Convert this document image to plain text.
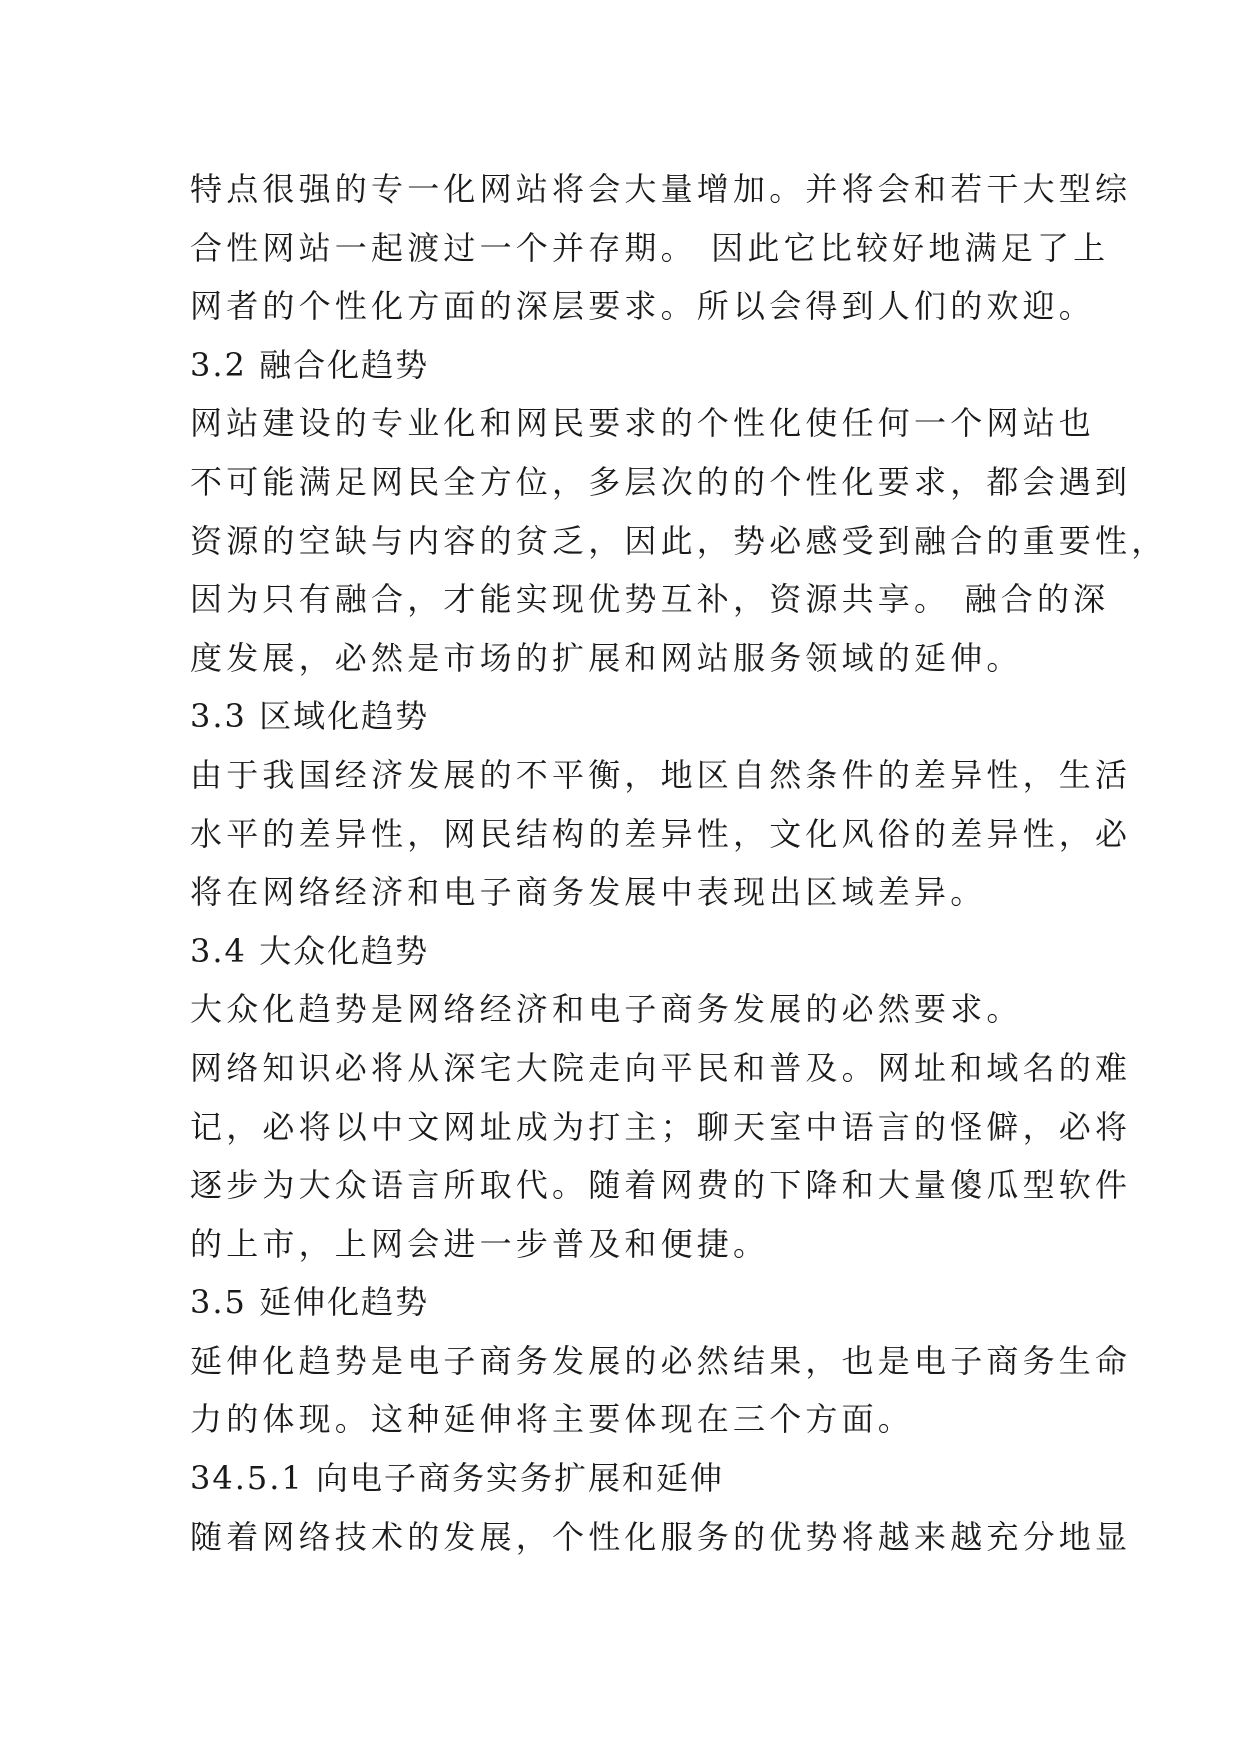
特点很强的专一化网站将会大量增加。并将会和若干大型综
合性网站一起渡过一个并存期。 因此它比较好地满足了上
网者的个性化方面的深层要求。所以会得到人们的欢迎。
3.2 融合化趋势
网站建设的专业化和网民要求的个性化使任何一个网站也
不可能满足网民全方位，多层次的的个性化要求，都会遇到
资源的空缺与内容的贫乏，因此，势必感受到融合的重要性，
因为只有融合，才能实现优势互补，资源共享。 融合的深
度发展，必然是市场的扩展和网站服务领域的延伸。
3.3 区域化趋势
由于我国经济发展的不平衡，地区自然条件的差异性，生活
水平的差异性，网民结构的差异性，文化风俗的差异性，必
将在网络经济和电子商务发展中表现出区域差异。
3.4 大众化趋势
大众化趋势是网络经济和电子商务发展的必然要求。
网络知识必将从深宅大院走向平民和普及。网址和域名的难
记，必将以中文网址成为打主；聊天室中语言的怪僻，必将
逐步为大众语言所取代。随着网费的下降和大量傻瓜型软件
的上市，上网会进一步普及和便捷。
3.5 延伸化趋势
延伸化趋势是电子商务发展的必然结果，也是电子商务生命
力的体现。这种延伸将主要体现在三个方面。
34.5.1 向电子商务实务扩展和延伸
随着网络技术的发展，个性化服务的优势将越来越充分地显
